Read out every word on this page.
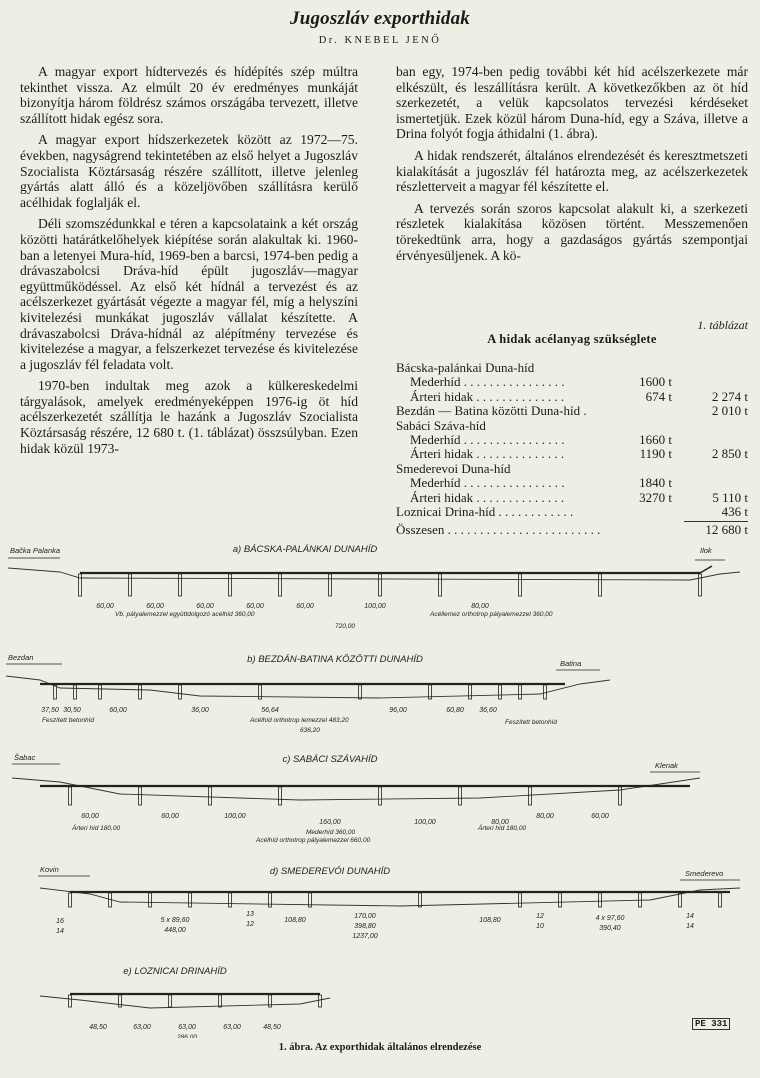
Jugoszláv exporthidak
Dr. KNEBEL JENŐ

A magyar export hídtervezés és hídépítés szép múltra tekinthet vissza. Az elmúlt 20 év eredményes munkáját bizonyítja három földrész számos országába tervezett, illetve szállított hidak egész sora.

A magyar export hídszerkezetek között az 1972—75. években, nagyságrend tekintetében az első helyet a Jugoszláv Szocialista Köztársaság részére szállított, illetve jelenleg gyártás alatt álló és a közeljövőben szállításra kerülő acélhidak foglalják el.

Déli szomszédunkkal e téren a kapcsolataink a két ország közötti határátkelőhelyek kiépítése során alakultak ki. 1960-ban a letenyei Mura-híd, 1969-ben a barcsi, 1974-ben pedig a drávaszabolcsi Dráva-híd épült jugoszláv—magyar együttműködéssel. Az első két hídnál a tervezést és az acélszerkezet gyártását végezte a magyar fél, míg a helyszíni kivitelezési munkákat jugoszláv vállalat készítette. A drávaszabolcsi Dráva-hídnál az alépítmény tervezése és kivitelezése a magyar, a felszerkezet tervezése és kivitelezése a jugoszláv fél feladata volt.

1970-ben indultak meg azok a külkereskedelmi tárgyalások, amelyek eredményeképpen 1976-ig öt híd acélszerkezetét szállítja le hazánk a Jugoszláv Szocialista Köztársaság részére, 12 680 t. (1. táblázat) összsúlyban. Ezen hidak közül 1973-

ban egy, 1974-ben pedig további két híd acélszerkezete már elkészült, és leszállításra került. A következőkben az öt híd szerkezetét, a velük kapcsolatos tervezési kérdéseket ismertetjük. Ezek közül három Duna-híd, egy a Száva, illetve a Drina folyót fogja áthidalni (1. ábra).

A hidak rendszerét, általános elrendezését és keresztmetszeti kialakítását a jugoszláv fél határozta meg, az acélszerkezetek részletterveit a magyar fél készítette el.

A tervezés során szoros kapcsolat alakult ki, a szerkezeti részletek kialakítása közösen történt. Messzemenően törekedtünk arra, hogy a gazdaságos gyártás szempontjai érvényesüljenek. A kö-

1. táblázat
A hidak acélanyag szükséglete
Bácska-palánkai Duna-híd
Mederhíd . . . . . . . . . . . . . . . .	1600 t
Árteri hidak . . . . . . . . . . . . . .	674 t	2 274 t
Bezdán — Batina közötti Duna-híd .	2 010 t
Sabáci Száva-híd
Mederhíd . . . . . . . . . . . . . . . .	1660 t
Árteri hidak . . . . . . . . . . . . . .	1190 t	2 850 t
Smederevoi Duna-híd
Mederhíd . . . . . . . . . . . . . . . .	1840 t
Árteri hidak . . . . . . . . . . . . . .	3270 t	5 110 t
Loznicai Drina-híd . . . . . . . . . . . .	436 t
Összesen . . . . . . . . . . . . . . . . . . . . . . . .	12 680 t
a) BÁCSKA-PALÁNKAI DUNAHÍD
Bačka Palanka	Ilok
60,00	60,00	60,00	60,00	60,00	100,00	80,00
Vb. pályalemezzel együttdolgozó acélhíd 360,00	Acéllemez orthotrop pályalemezzel 360,00
720,00
b) BEZDÁN-BATINA KÖZÖTTI DUNAHÍD
Bezdan
Batina
37,50 30,50	60,00	36,00	56,64	96,00	60,80 36,60
Feszített betonhíd	Acélhíd orthotrop lemezzel 483,20
636,20
Feszített betonhíd
c) SABÁCI SZÁVAHÍD
Šabac
Klenak
60,00	60,00	100,00
160,00	100,00	80,00
80,00	60,00
Árteri híd 180,00
Mederhíd 360,00
Árteri híd 180,00
Acélhíd orthotrop pályalemezzel 660,00
d) SMEDEREVÓI DUNAHÍD
Kovin	Smederevo
16
14
5 x 89,60
448,00
13
12
108,80
170,00
398,80
1237,00
108,80
12
10
4 x 97,60
390,40
14
14
e) LOZNICAI DRINAHÍD
48,50	63,00	63,00	63,00	48,50
286,00
PE 331
1. ábra. Az exporthidak általános elrendezése
